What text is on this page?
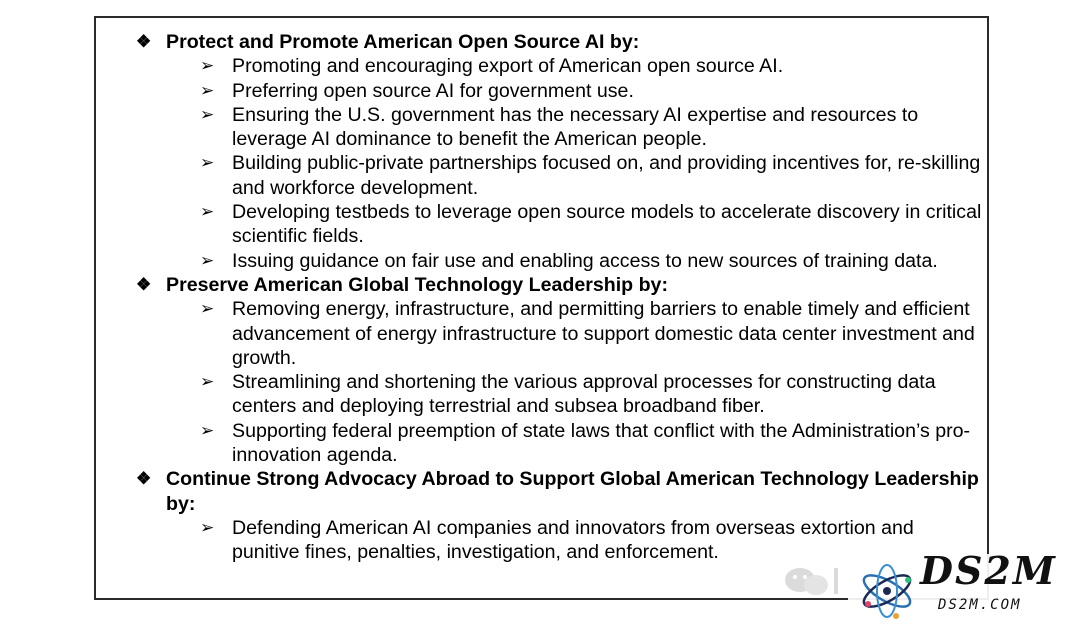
❖ Protect and Promote American Open Source AI by:
➢ Promoting and encouraging export of American open source AI.
➢ Preferring open source AI for government use.
➢ Ensuring the U.S. government has the necessary AI expertise and resources to leverage AI dominance to benefit the American people.
➢ Building public-private partnerships focused on, and providing incentives for, re-skilling and workforce development.
➢ Developing testbeds to leverage open source models to accelerate discovery in critical scientific fields.
➢ Issuing guidance on fair use and enabling access to new sources of training data.
❖ Preserve American Global Technology Leadership by:
➢ Removing energy, infrastructure, and permitting barriers to enable timely and efficient advancement of energy infrastructure to support domestic data center investment and growth.
➢ Streamlining and shortening the various approval processes for constructing data centers and deploying terrestrial and subsea broadband fiber.
➢ Supporting federal preemption of state laws that conflict with the Administration’s pro-innovation agenda.
❖ Continue Strong Advocacy Abroad to Support Global American Technology Leadership by:
➢ Defending American AI companies and innovators from overseas extortion and punitive fines, penalties, investigation, and enforcement.	DS2M
DS2M.COM
